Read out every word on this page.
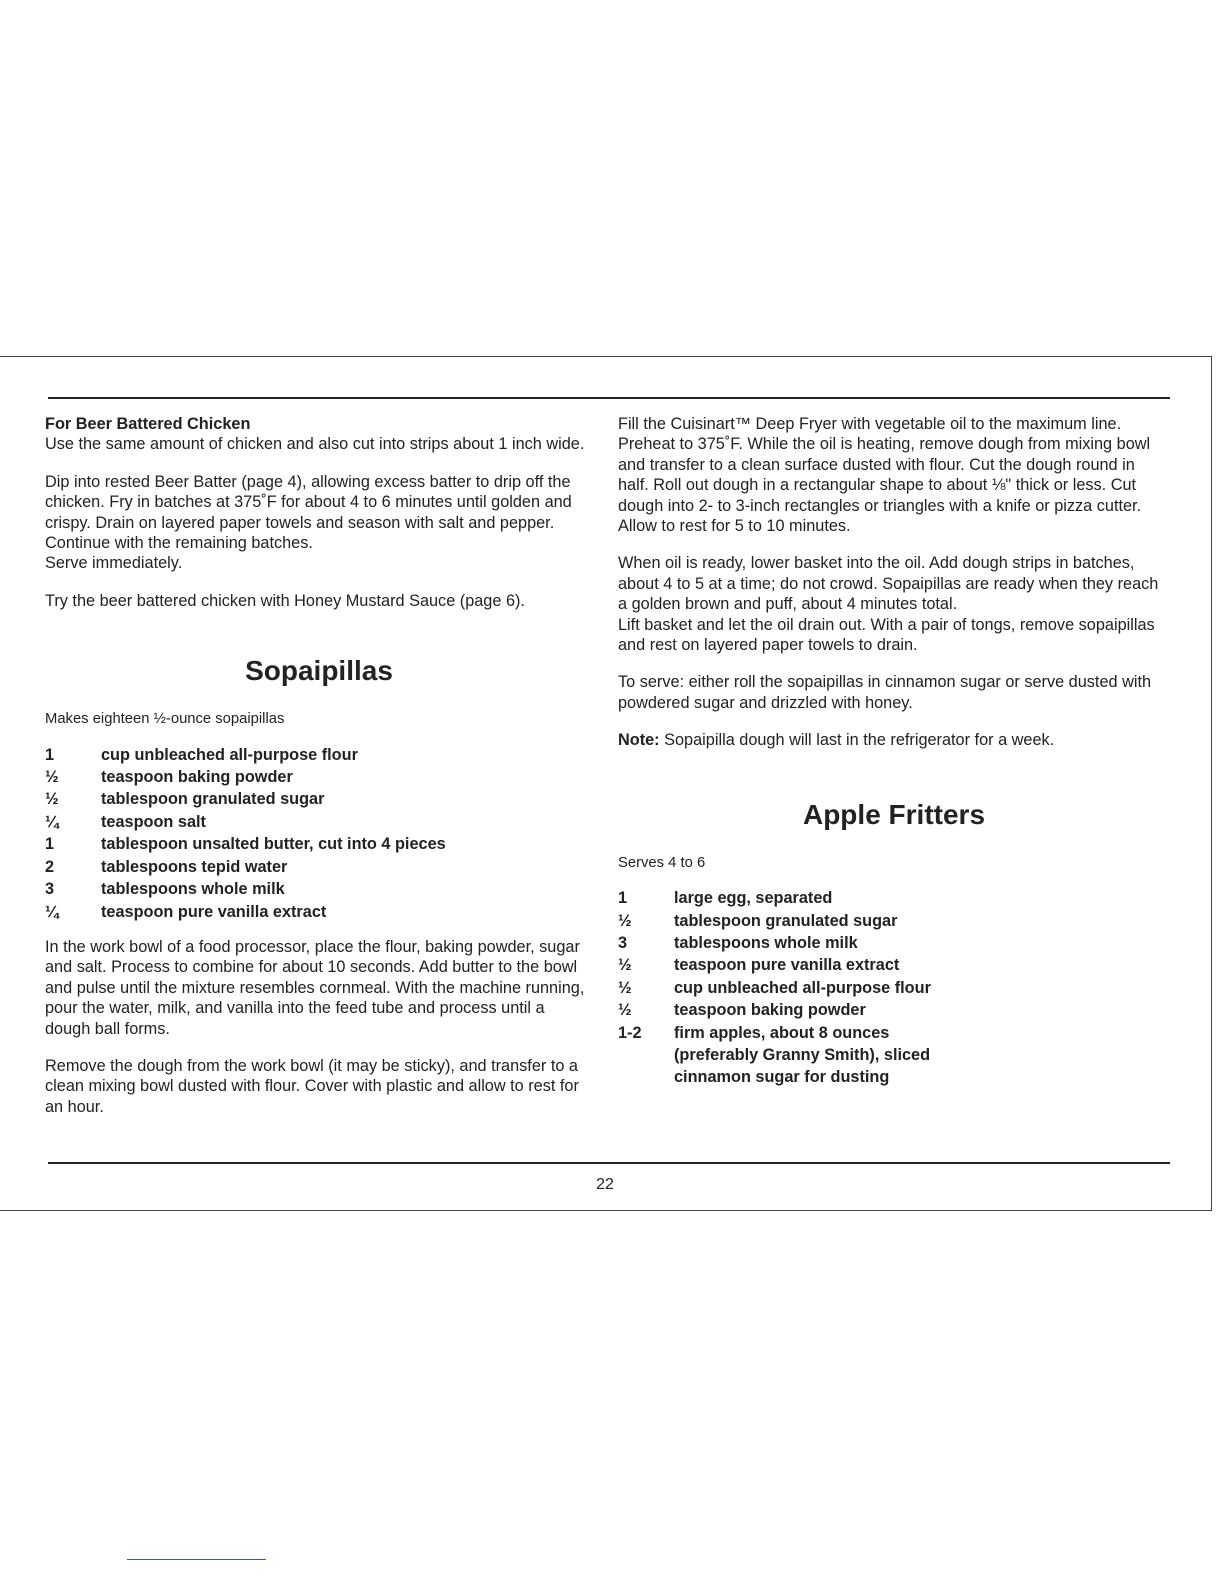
For Beer Battered Chicken

Use the same amount of chicken and also cut into strips about 1 inch wide.

Dip into rested Beer Batter (page 4), allowing excess batter to drip off the chicken. Fry in batches at 375˚F for about 4 to 6 minutes until golden and crispy. Drain on layered paper towels and season with salt and pepper. Continue with the remaining batches.

Serve immediately.

Try the beer battered chicken with Honey Mustard Sauce (page 6).

Sopaipillas

Makes eighteen ½-ounce sopaipillas

1	cup unbleached all-purpose flour
½	teaspoon baking powder
½	tablespoon granulated sugar
¼	teaspoon salt
1	tablespoon unsalted butter, cut into 4 pieces
2	tablespoons tepid water
3	tablespoons whole milk
¼	teaspoon pure vanilla extract

In the work bowl of a food processor, place the flour, baking powder, sugar and salt. Process to combine for about 10 seconds. Add butter to the bowl and pulse until the mixture resembles cornmeal. With the machine running, pour the water, milk, and vanilla into the feed tube and process until a dough ball forms.

Remove the dough from the work bowl (it may be sticky), and transfer to a clean mixing bowl dusted with flour. Cover with plastic and allow to rest for an hour.

Fill the Cuisinart™ Deep Fryer with vegetable oil to the maximum line. Preheat to 375˚F. While the oil is heating, remove dough from mixing bowl and transfer to a clean surface dusted with flour. Cut the dough round in half. Roll out dough in a rectangular shape to about ⅛" thick or less. Cut dough into 2- to 3-inch rectangles or triangles with a knife or pizza cutter. Allow to rest for 5 to 10 minutes.

When oil is ready, lower basket into the oil. Add dough strips in batches, about 4 to 5 at a time; do not crowd. Sopaipillas are ready when they reach a golden brown and puff, about 4 minutes total.

Lift basket and let the oil drain out. With a pair of tongs, remove sopaipillas and rest on layered paper towels to drain.

To serve: either roll the sopaipillas in cinnamon sugar or serve dusted with powdered sugar and drizzled with honey.

Note: Sopaipilla dough will last in the refrigerator for a week.

Apple Fritters

Serves 4 to 6

1	large egg, separated
½	tablespoon granulated sugar
3	tablespoons whole milk
½	teaspoon pure vanilla extract
½	cup unbleached all-purpose flour
½	teaspoon baking powder
1-2	firm apples, about 8 ounces
(preferably Granny Smith), sliced
cinnamon sugar for dusting
22
